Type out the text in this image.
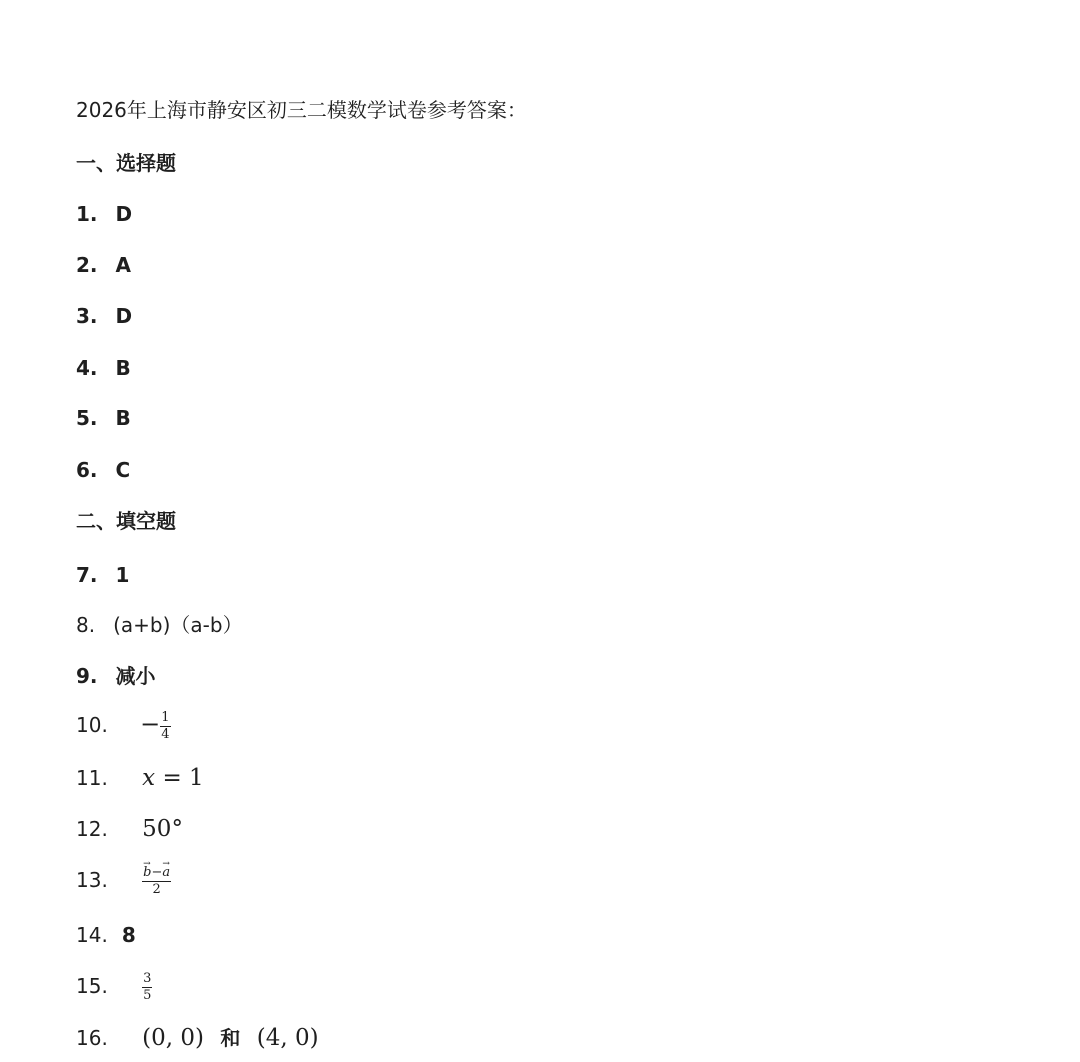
2026年上海市静安区初三二模数学试卷参考答案：
一、选择题
1. D
2. A
3. D
4. B
5. B
6. C
二、填空题
7. 1
8. (a+b)（a-b）
9. 减小
10. − $\frac{1}{4}$
11. x = 1
12. 50°
13.
→	$\frac{b-\to a}{2}$
14. 8
15.	$\frac{3}{5}$
16. (0, 0) 和 (4, 0)
